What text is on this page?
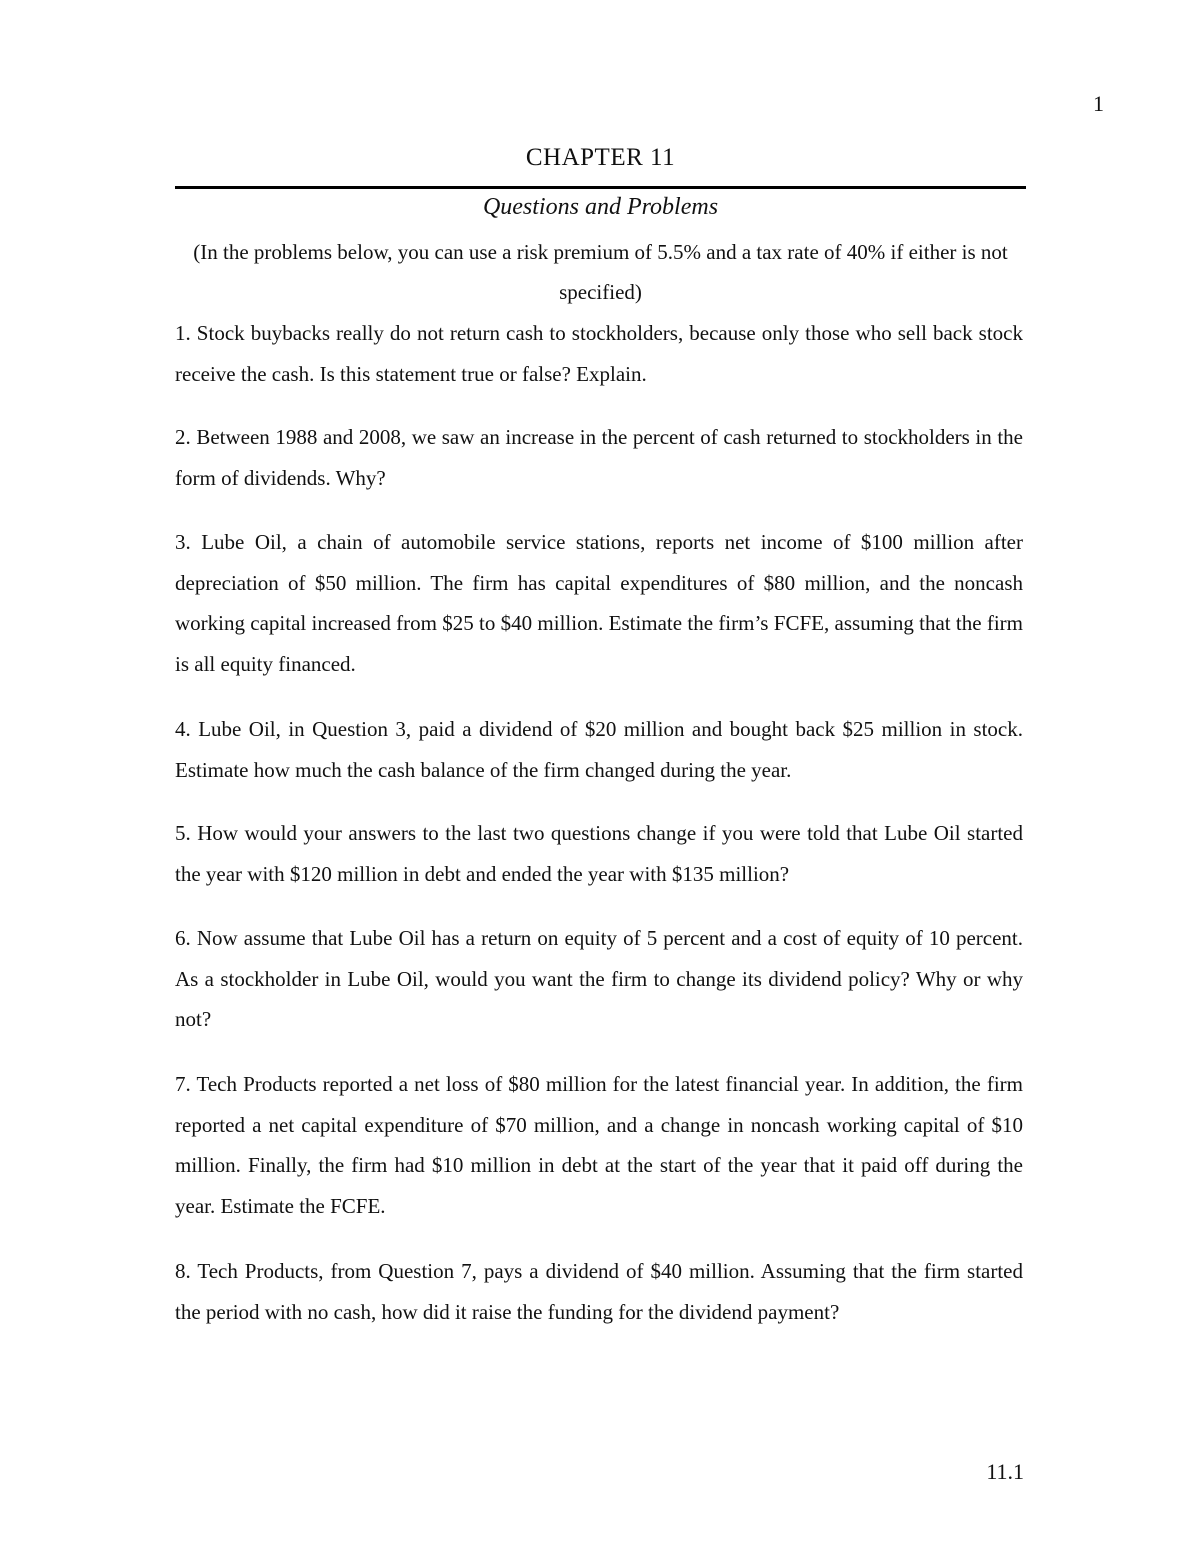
1
CHAPTER 11
Questions and Problems
(In the problems below, you can use a risk premium of 5.5% and a tax rate of 40% if either is not specified)

1. Stock buybacks really do not return cash to stockholders, because only those who sell back stock receive the cash. Is this statement true or false? Explain.

2. Between 1988 and 2008, we saw an increase in the percent of cash returned to stockholders in the form of dividends. Why?

3. Lube Oil, a chain of automobile service stations, reports net income of $100 million after depreciation of $50 million. The firm has capital expenditures of $80 million, and the noncash working capital increased from $25 to $40 million. Estimate the firm’s FCFE, assuming that the firm is all equity financed.

4. Lube Oil, in Question 3, paid a dividend of $20 million and bought back $25 million in stock. Estimate how much the cash balance of the firm changed during the year.

5. How would your answers to the last two questions change if you were told that Lube Oil started the year with $120 million in debt and ended the year with $135 million?

6. Now assume that Lube Oil has a return on equity of 5 percent and a cost of equity of 10 percent. As a stockholder in Lube Oil, would you want the firm to change its dividend policy? Why or why not?

7. Tech Products reported a net loss of $80 million for the latest financial year. In addition, the firm reported a net capital expenditure of $70 million, and a change in noncash working capital of $10 million. Finally, the firm had $10 million in debt at the start of the year that it paid off during the year. Estimate the FCFE.

8. Tech Products, from Question 7, pays a dividend of $40 million. Assuming that the firm started the period with no cash, how did it raise the funding for the dividend payment?

11.1
